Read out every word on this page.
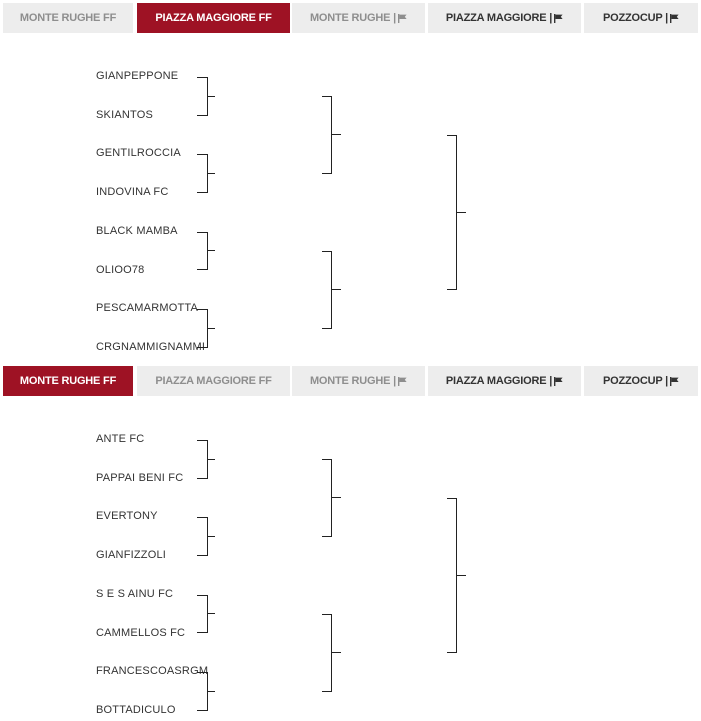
MONTE RUGHE FF	PIAZZA MAGGIORE FF	MONTE RUGHE |	PIAZZA MAGGIORE |	POZZOCUP |
GIANPEPPONE
SKIANTOS
GENTILROCCIA
INDOVINA FC
BLACK MAMBA
OLIOO78
PESCAMARMOTTA
CRGNAMMIGNAMMI
MONTE RUGHE FF	PIAZZA MAGGIORE FF	MONTE RUGHE |	PIAZZA MAGGIORE |	POZZOCUP |
ANTE FC
PAPPAI BENI FC
EVERTONY
GIANFIZZOLI
S E S AINU FC
CAMMELLOS FC
FRANCESCOASRGM
BOTTADICULO
